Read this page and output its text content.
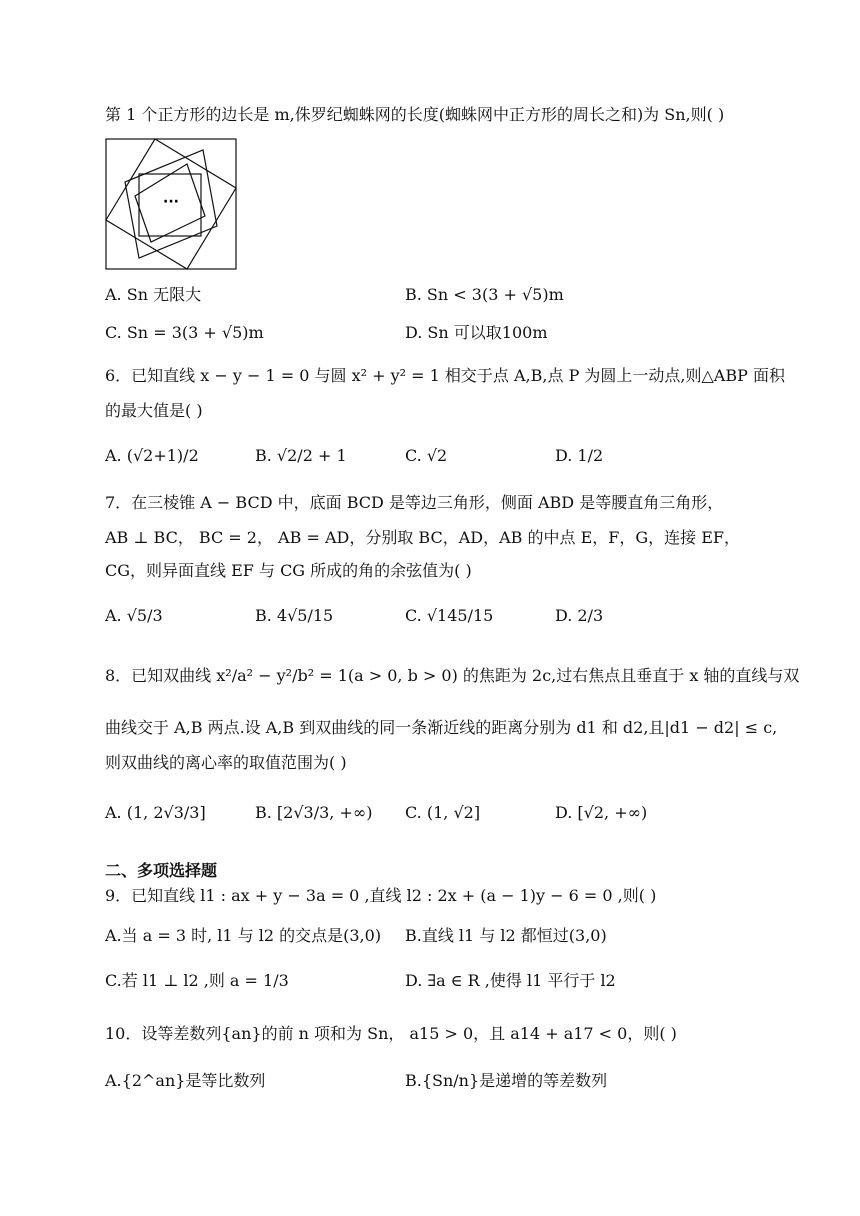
第 1 个正方形的边长是 m,侏罗纪蜘蛛网的长度(蜘蛛网中正方形的周长之和)为 Sn,则( )
···
A. Sn 无限大	B. Sn < 3(3 + √5)m
C. Sn = 3(3 + √5)m	D. Sn 可以取100m
6．已知直线 x − y − 1 = 0 与圆 x² + y² = 1 相交于点 A,B,点 P 为圆上一动点,则△ABP 面积
的最大值是( )
A. (√2+1)/2	B. √2/2 + 1	C. √2	D. 1/2
7．在三棱锥 A − BCD 中，底面 BCD 是等边三角形，侧面 ABD 是等腰直角三角形，
AB ⊥ BC， BC = 2， AB = AD，分别取 BC，AD，AB 的中点 E，F，G，连接 EF，
CG，则异面直线 EF 与 CG 所成的角的余弦值为( )
A. √5/3	B. 4√5/15	C. √145/15	D. 2/3
8．已知双曲线 x²/a² − y²/b² = 1(a > 0, b > 0) 的焦距为 2c,过右焦点且垂直于 x 轴的直线与双
曲线交于 A,B 两点.设 A,B 到双曲线的同一条渐近线的距离分别为 d1 和 d2,且|d1 − d2| ≤ c,
则双曲线的离心率的取值范围为( )
A. (1, 2√3/3]	B. [2√3/3, +∞) C. (1, √2]	D. [√2, +∞)
二、多项选择题
9．已知直线 l1 : ax + y − 3a = 0 ,直线 l2 : 2x + (a − 1)y − 6 = 0 ,则( )
A.当 a = 3 时, l1 与 l2 的交点是(3,0) B.直线 l1 与 l2 都恒过(3,0)
C.若 l1 ⊥ l2 ,则 a = 1/3	D. ∃a ∈ R ,使得 l1 平行于 l2
10．设等差数列{an}的前 n 项和为 Sn， a15 > 0，且 a14 + a17 < 0，则( )
A.{2^an}是等比数列	B.{Sn/n}是递增的等差数列
